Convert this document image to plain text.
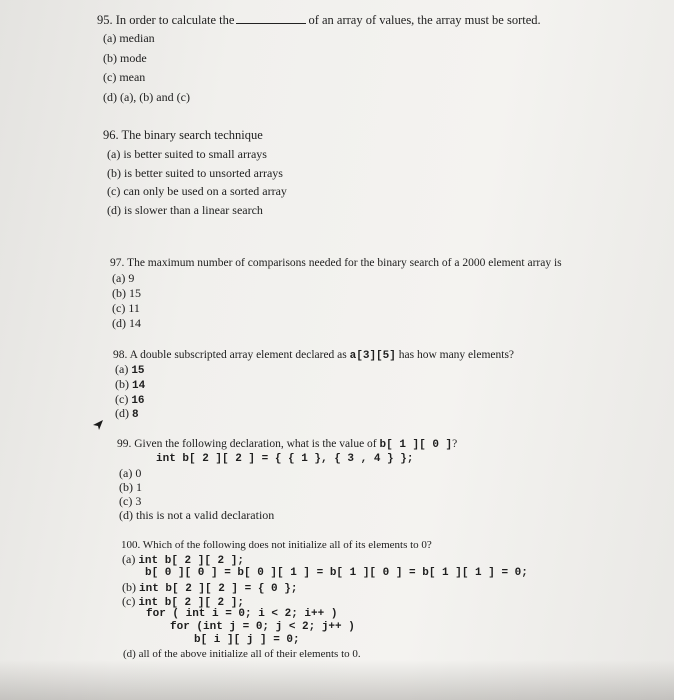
95. In order to calculate the	of an array of values, the array must be sorted.
(a) median
(b) mode
(c) mean
(d) (a), (b) and (c)
96. The binary search technique
(a) is better suited to small arrays
(b) is better suited to unsorted arrays
(c) can only be used on a sorted array
(d) is slower than a linear search
97. The maximum number of comparisons needed for the binary search of a 2000 element array is
(a) 9
(b) 15
(c) 11
(d) 14
98. A double subscripted array element declared as a[3][5] has how many elements?
(a) 15
(b) 14
(c) 16
(d) 8
99. Given the following declaration, what is the value of b[ 1 ][ 0 ]?
int b[ 2 ][ 2 ] = { { 1 }, { 3 , 4 } };
(a) 0
(b) 1
(c) 3
(d) this is not a valid declaration
100. Which of the following does not initialize all of its elements to 0?
(a) int b[ 2 ][ 2 ];
b[ 0 ][ 0 ] = b[ 0 ][ 1 ] = b[ 1 ][ 0 ] = b[ 1 ][ 1 ] = 0;
(b) int b[ 2 ][ 2 ] = { 0 };
(c) int b[ 2 ][ 2 ];
for ( int i = 0; i < 2; i++ )
for (int j = 0; j < 2; j++ )
b[ i ][ j ] = 0;
(d) all of the above initialize all of their elements to 0.
